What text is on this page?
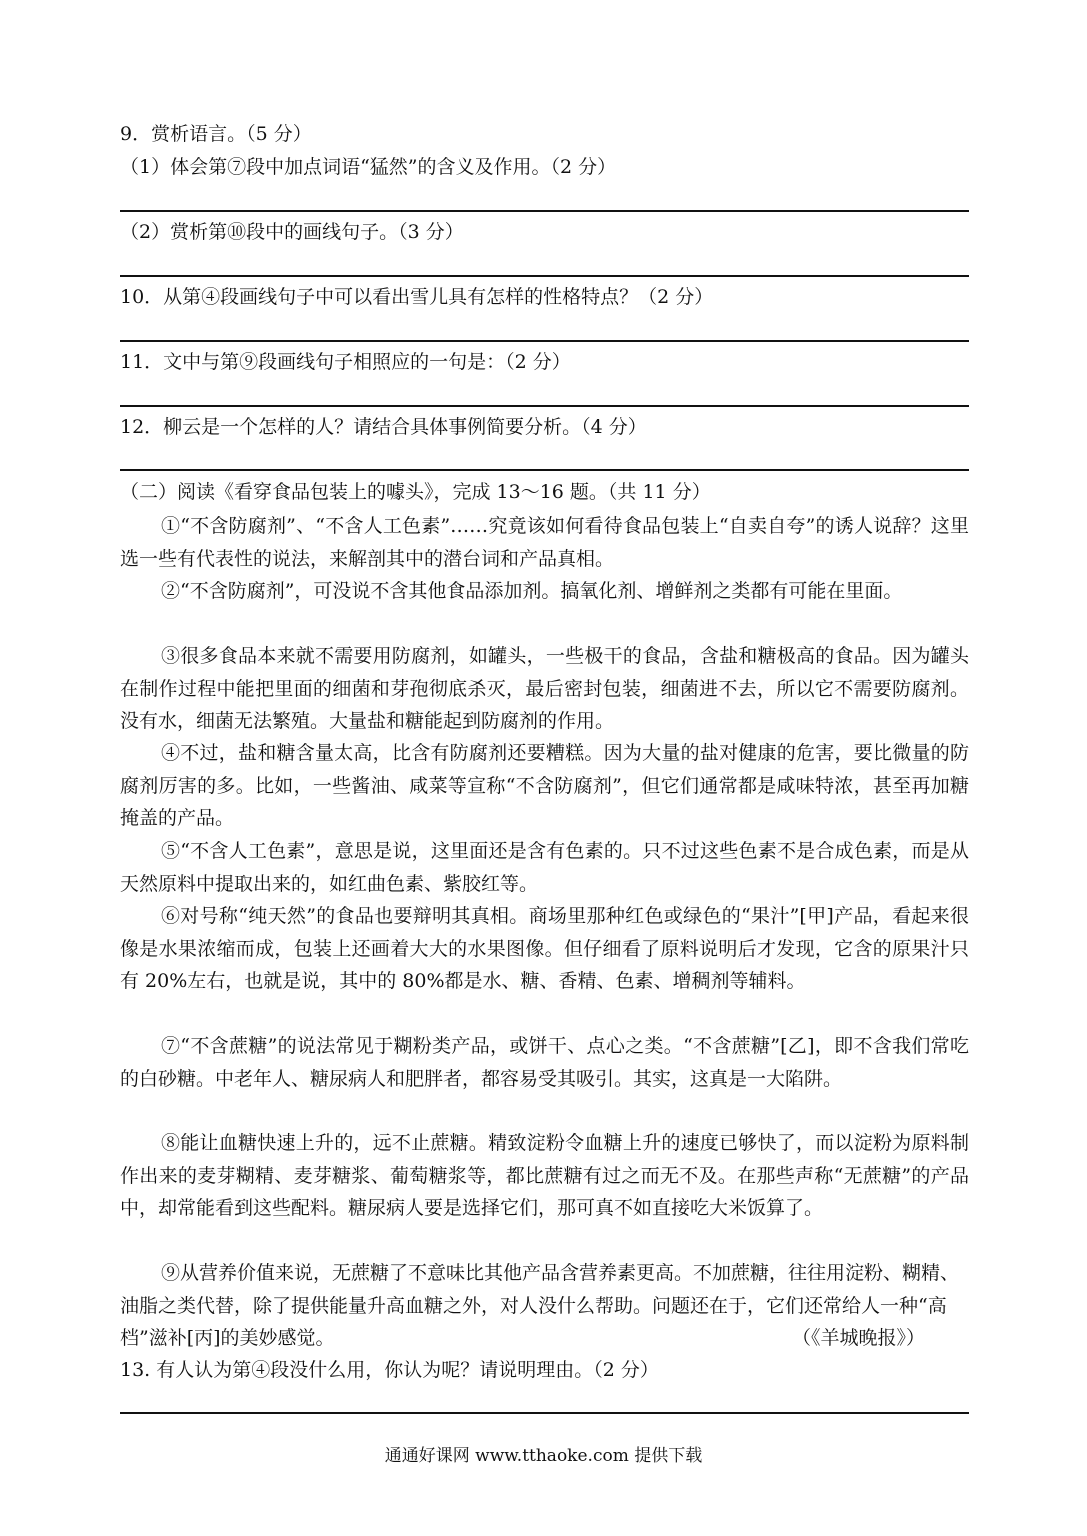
9．赏析语言。（5 分）

（1）体会第⑦段中加点词语“猛然”的含义及作用。（2 分）

（2）赏析第⑩段中的画线句子。（3 分）

10．从第④段画线句子中可以看出雪儿具有怎样的性格特点？（2 分）

11．文中与第⑨段画线句子相照应的一句是：（2 分）

12．柳云是一个怎样的人？请结合具体事例简要分析。（4 分）

（二）阅读《看穿食品包装上的噱头》，完成 13～16 题。（共 11 分）

①“不含防腐剂”、“不含人工色素”……究竟该如何看待食品包装上“自卖自夸”的诱人说辞？这里选一些有代表性的说法，来解剖其中的潜台词和产品真相。

②“不含防腐剂”，可没说不含其他食品添加剂。搞氧化剂、增鲜剂之类都有可能在里面。

③很多食品本来就不需要用防腐剂，如罐头，一些极干的食品，含盐和糖极高的食品。因为罐头在制作过程中能把里面的细菌和芽孢彻底杀灭，最后密封包装，细菌进不去，所以它不需要防腐剂。没有水，细菌无法繁殖。大量盐和糖能起到防腐剂的作用。

④不过，盐和糖含量太高，比含有防腐剂还要糟糕。因为大量的盐对健康的危害，要比微量的防腐剂厉害的多。比如，一些酱油、咸菜等宣称“不含防腐剂”，但它们通常都是咸味特浓，甚至再加糖掩盖的产品。

⑤“不含人工色素”，意思是说，这里面还是含有色素的。只不过这些色素不是合成色素，而是从天然原料中提取出来的，如红曲色素、紫胶红等。

⑥对号称“纯天然”的食品也要辩明其真相。商场里那种红色或绿色的“果汁”[甲]产品，看起来很像是水果浓缩而成，包装上还画着大大的水果图像。但仔细看了原料说明后才发现，它含的原果汁只有 20%左右，也就是说，其中的 80%都是水、糖、香精、色素、增稠剂等辅料。

⑦“不含蔗糖”的说法常见于糊粉类产品，或饼干、点心之类。“不含蔗糖”[乙]，即不含我们常吃的白砂糖。中老年人、糖尿病人和肥胖者，都容易受其吸引。其实，这真是一大陷阱。

⑧能让血糖快速上升的，远不止蔗糖。精致淀粉令血糖上升的速度已够快了，而以淀粉为原料制作出来的麦芽糊精、麦芽糖浆、葡萄糖浆等，都比蔗糖有过之而无不及。在那些声称“无蔗糖”的产品中，却常能看到这些配料。糖尿病人要是选择它们，那可真不如直接吃大米饭算了。

⑨从营养价值来说，无蔗糖了不意味比其他产品含营养素更高。不加蔗糖，往往用淀粉、糊精、油脂之类代替，除了提供能量升高血糖之外，对人没什么帮助。问题还在于，它们还常给人一种“高档”滋补[丙]的美妙感觉。	（《羊城晚报》）

13. 有人认为第④段没什么用，你认为呢？请说明理由。（2 分）

通通好课网 www.tthaoke.com 提供下载
